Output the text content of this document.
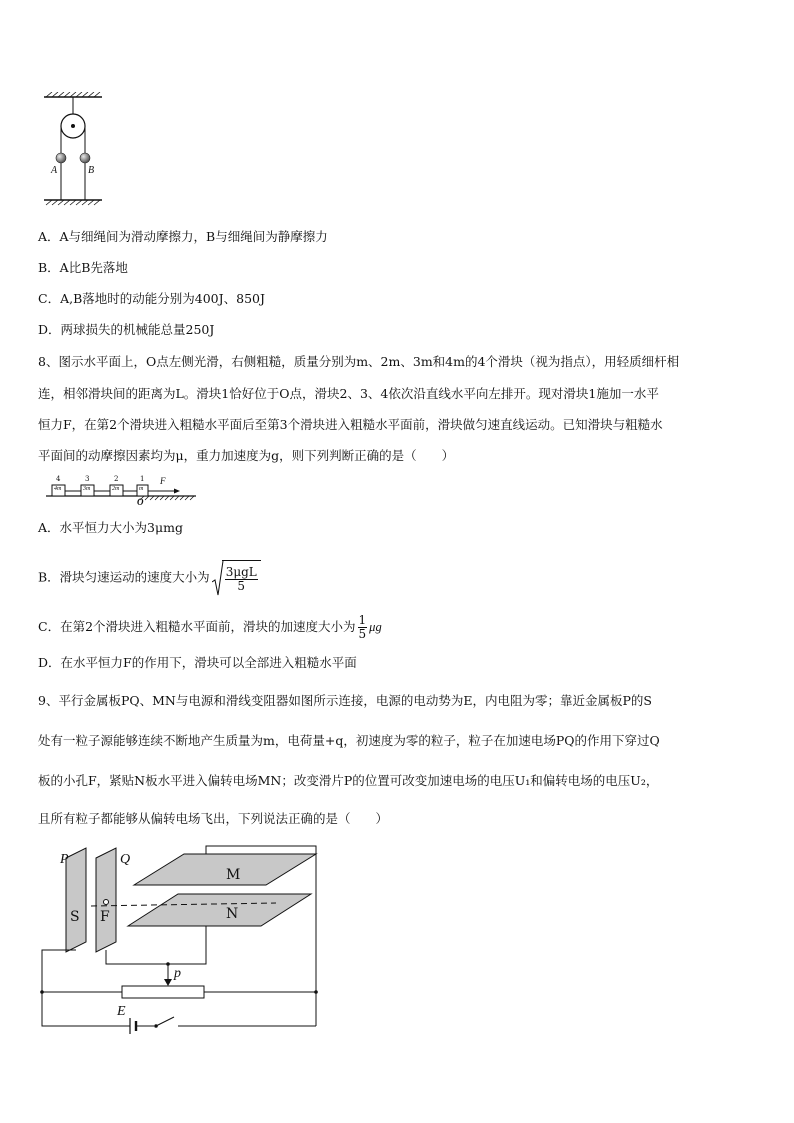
A	B
A．A与细绳间为滑动摩擦力，B与细绳间为静摩擦力
B．A比B先落地
C．A,B落地时的动能分别为400J、850J
D．两球损失的机械能总量250J
8、图示水平面上，O点左侧光滑，右侧粗糙，质量分别为m、2m、3m和4m的4个滑块（视为指点），用轻质细杆相
连，相邻滑块间的距离为L。滑块1恰好位于O点，滑块2、3、4依次沿直线水平向左排开。现对滑块1施加一水平
恒力F，在第2个滑块进入粗糙水平面后至第3个滑块进入粗糙水平面前，滑块做匀速直线运动。已知滑块与粗糙水
平面间的动摩擦因素均为μ，重力加速度为g，则下列判断正确的是（　　）
4	3	2	1
4m	3m	2m	m
F
O
A．水平恒力大小为3μmg
B．滑块匀速运动的速度大小为 $\frac{\text{3μgL}}{5}$
C．在第2个滑块进入粗糙水平面前，滑块的加速度大小为 $\frac{1}{5}$ μg
D．在水平恒力F的作用下，滑块可以全部进入粗糙水平面
9、平行金属板PQ、MN与电源和滑线变阻器如图所示连接，电源的电动势为E，内电阻为零；靠近金属板P的S
处有一粒子源能够连续不断地产生质量为m，电荷量+q，初速度为零的粒子，粒子在加速电场PQ的作用下穿过Q
板的小孔F，紧贴N板水平进入偏转电场MN；改变滑片P的位置可改变加速电场的电压U₁和偏转电场的电压U₂，
且所有粒子都能够从偏转电场飞出，下列说法正确的是（　　）
P	Q
M
N
S F
p
E
